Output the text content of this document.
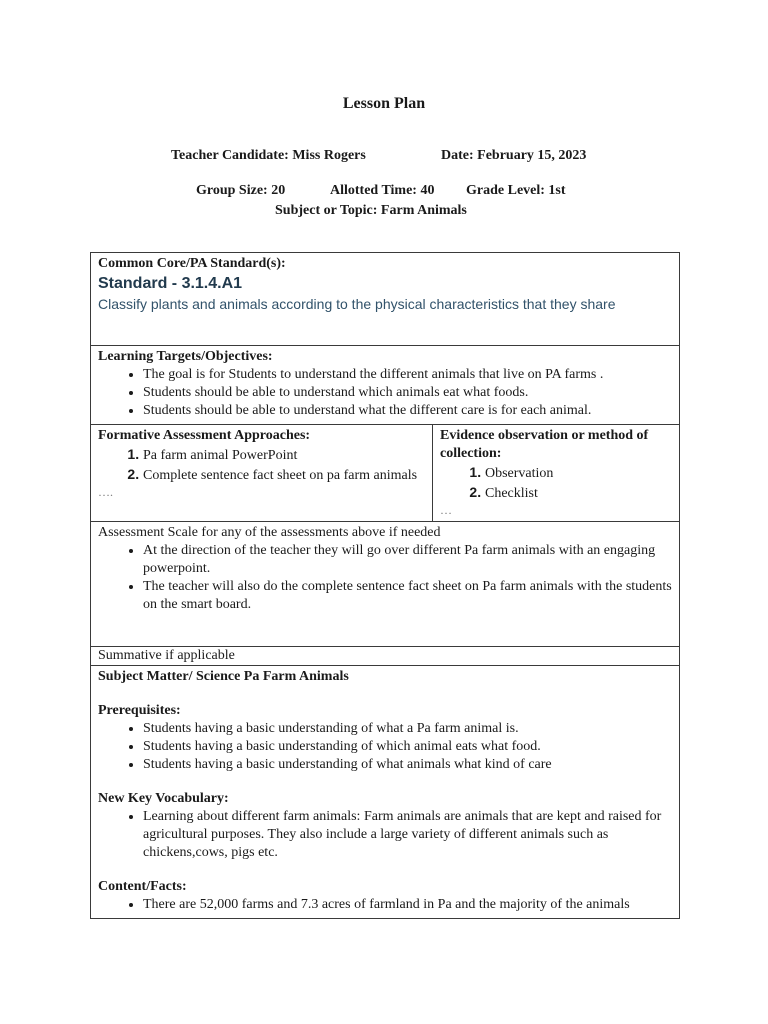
Lesson Plan
Teacher Candidate: Miss Rogers	Date: February 15, 2023
Group Size: 20	Allotted Time: 40 Grade Level: 1st
Subject or Topic: Farm Animals
Common Core/PA Standard(s):
Standard - 3.1.4.A1
Classify plants and animals according to the physical characteristics that they share

Learning Targets/Objectives:
• The goal is for Students to understand the different animals that live on PA farms .
• Students should be able to understand which animals eat what foods.
• Students should be able to understand what the different care is for each animal.

Formative Assessment Approaches:
1. Pa farm animal PowerPoint
2. Complete sentence fact sheet on pa farm animals
….

Evidence observation or method of collection:
1. Observation
2. Checklist
…

Assessment Scale for any of the assessments above if needed
• At the direction of the teacher they will go over different Pa farm animals with an engaging powerpoint.
• The teacher will also do the complete sentence fact sheet on Pa farm animals with the students on the smart board.

Summative if applicable

Subject Matter/ Science Pa Farm Animals
Prerequisites:
• Students having a basic understanding of what a Pa farm animal is.
• Students having a basic understanding of which animal eats what food.
• Students having a basic understanding of what animals what kind of care
New Key Vocabulary:
• Learning about different farm animals: Farm animals are animals that are kept and raised for agricultural purposes. They also include a large variety of different animals such as chickens,cows, pigs etc.
Content/Facts:
• There are 52,000 farms and 7.3 acres of farmland in Pa and the majority of the animals
